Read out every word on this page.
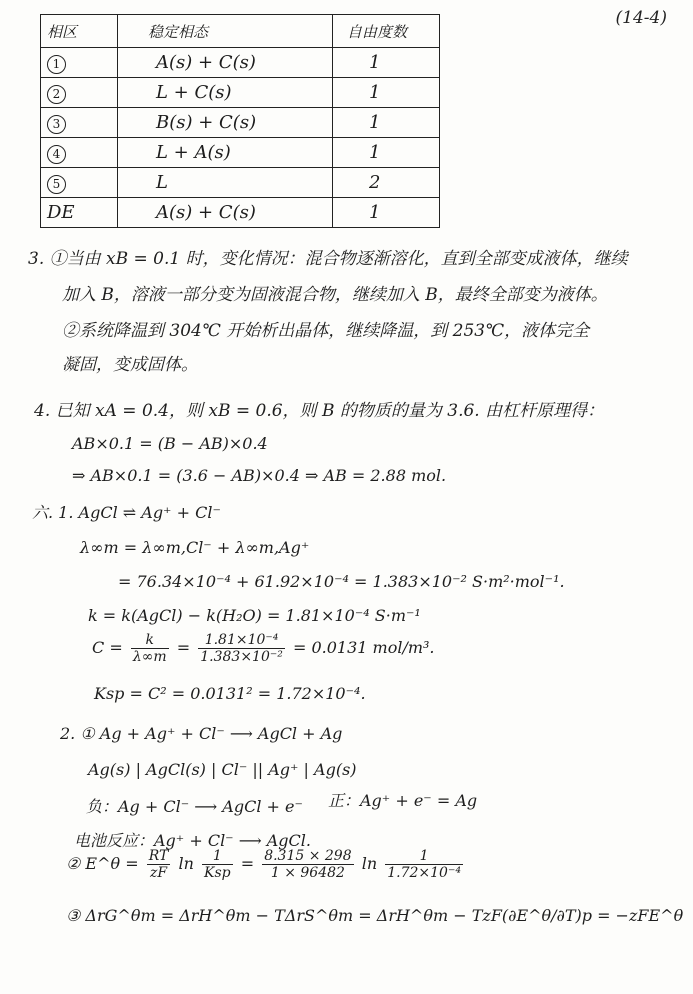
(14-4)
相区	稳定相态	自由度数
1	A(s) + C(s)	1
2	L + C(s)	1
3	B(s) + C(s)	1
4	L + A(s)	1
5	L	2
DE	A(s) + C(s)	1
3. ①当由 xB = 0.1 时，变化情况：混合物逐渐溶化，直到全部变成液体，继续
加入 B，溶液一部分变为固液混合物，继续加入 B，最终全部变为液体。
②系统降温到 304℃ 开始析出晶体，继续降温，到 253℃，液体完全
凝固，变成固体。
4. 已知 xA = 0.4，则 xB = 0.6，则 B 的物质的量为 3.6. 由杠杆原理得：
AB×0.1 = (B − AB)×0.4
⇒ AB×0.1 = (3.6 − AB)×0.4 ⇒ AB = 2.88 mol.
六. 1. AgCl ⇌ Ag⁺ + Cl⁻
λ∞m = λ∞m,Cl⁻ + λ∞m,Ag⁺
= 76.34×10⁻⁴ + 61.92×10⁻⁴ = 1.383×10⁻² S·m²·mol⁻¹.
k = k(AgCl) − k(H₂O) = 1.81×10⁻⁴ S·m⁻¹
$C = \frac{k}{\lambda\infty m} = \frac{\text{1.81×10⁻⁴}}{\text{1.383×10⁻²}} = 0.0131$ mol/m³.
Ksp = C² = 0.0131² = 1.72×10⁻⁴.
2. ① Ag + Ag⁺ + Cl⁻ ⟶ AgCl + Ag
Ag(s) | AgCl(s) | Cl⁻ || Ag⁺ | Ag(s)
负：Ag + Cl⁻ ⟶ AgCl + e⁻ 正：Ag⁺ + e⁻ = Ag
电池反应：Ag⁺ + Cl⁻ ⟶ AgCl.
② E^θ = $\frac{RT}{zF}$ $\ln \frac{1}{\text{Ksp}} = \frac{8.315 \times 298}{1 \times 96482}$ $\ln \frac{1}{\text{1.72×10⁻⁴}}$
③ ΔrG^θm = ΔrH^θm − TΔrS^θm = ΔrH^θm − TzF(∂E^θ/∂T)p = −zFE^θ
